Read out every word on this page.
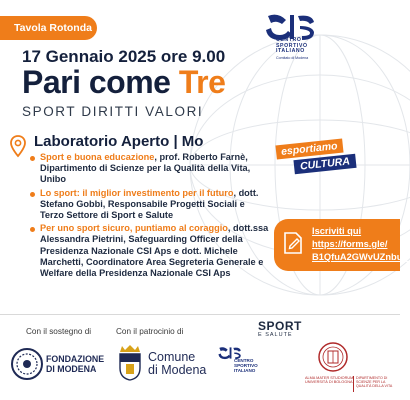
Tavola Rotonda
CENTRO
SPORTIVO
ITALIANO
Comitato di Modena
17 Gennaio 2025 ore 9.00
Pari come Tre
SPORT DIRITTI VALORI
Laboratorio Aperto | Mo
Sport e buona educazione, prof. Roberto Farnè, Dipartimento di Scienze per la Qualità della Vita, Unibo
Lo sport: il miglior investimento per il futuro, dott. Stefano Gobbi, Responsabile Progetti Sociali e Terzo Settore di Sport e Salute
Per uno sport sicuro, puntiamo al coraggio, dott.ssa Alessandra Pietrini, Safeguarding Officer della Presidenza Nazionale CSI Aps e dott. Michele Marchetti, Coordinatore Area Segreteria Generale e Welfare della Presidenza Nazionale CSI Aps
esportiamo
CULTURA
Iscriviti qui
https://forms.gle/
B1QfuA2GWvUZnbuj7
Con il sostegno di	Con il patrocinio di	SPORT
E SALUTE
FONDAZIONE
DI MODENA
Comune
di Modena
CENTRO
SPORTIVO
ITALIANO
ALMA MATER STUDIORUM UNIVERSITÀ DI BOLOGNA
DIPARTIMENTO DI SCIENZE PER LA QUALITÀ DELLA VITA
